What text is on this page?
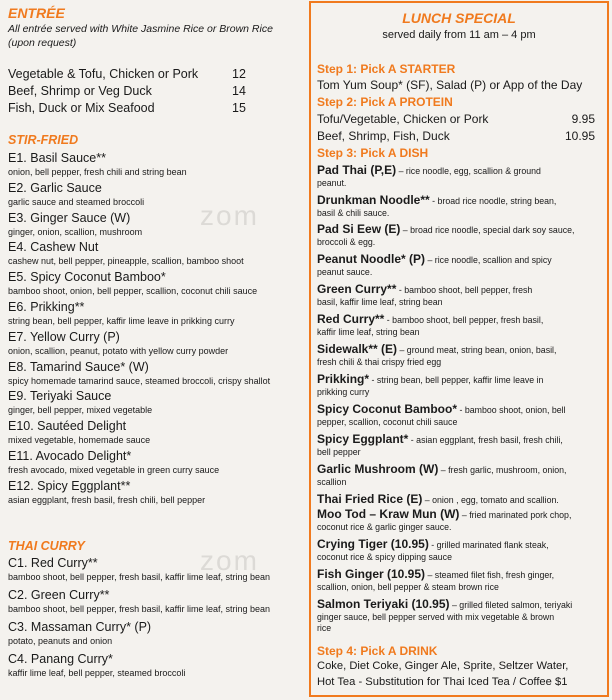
zom
zom
ENTRÉE
All entrée served with White Jasmine Rice or Brown Rice
(upon request)
Vegetable & Tofu, Chicken or Pork	12
Beef, Shrimp or Veg Duck	14
Fish, Duck or Mix Seafood	15
STIR-FRIED
E1. Basil Sauce**
onion, bell pepper, fresh chili and string bean
E2. Garlic Sauce
garlic sauce and steamed broccoli
E3. Ginger Sauce (W)
ginger, onion, scallion, mushroom
E4. Cashew Nut
cashew nut, bell pepper, pineapple, scallion, bamboo shoot
E5. Spicy Coconut Bamboo*
bamboo shoot, onion, bell pepper, scallion, coconut chili sauce
E6. Prikking**
string bean, bell pepper, kaffir lime leave in prikking curry
E7. Yellow Curry (P)
onion, scallion, peanut, potato with yellow curry powder
E8. Tamarind Sauce* (W)
spicy homemade tamarind sauce, steamed broccoli, crispy shallot
E9. Teriyaki Sauce
ginger, bell pepper, mixed vegetable
E10. Sautéed Delight
mixed vegetable, homemade sauce
E11. Avocado Delight*
fresh avocado, mixed vegetable in green curry sauce
E12. Spicy Eggplant**
asian eggplant, fresh basil, fresh chili, bell pepper
THAI CURRY
C1. Red Curry**
bamboo shoot, bell pepper, fresh basil, kaffir lime leaf, string bean
C2. Green Curry**
bamboo shoot, bell pepper, fresh basil, kaffir lime leaf, string bean
C3. Massaman Curry* (P)
potato, peanuts and onion
C4. Panang Curry*
kaffir lime leaf, bell pepper, steamed broccoli
LUNCH SPECIAL
served daily from 11 am – 4 pm
Step 1: Pick A STARTER
Tom Yum Soup* (SF), Salad (P) or App of the Day
Step 2: Pick A PROTEIN
Tofu/Vegetable, Chicken or Pork	9.95
Beef, Shrimp, Fish, Duck	10.95
Step 3: Pick A DISH
Pad Thai (P,E) – rice noodle, egg, scallion & ground
peanut.
Drunkman Noodle** - broad rice noodle, string bean,
basil & chili sauce.
Pad Si Eew (E) – broad rice noodle, special dark soy sauce,
broccoli & egg.
Peanut Noodle* (P) – rice noodle, scallion and spicy
peanut sauce.
Green Curry** - bamboo shoot, bell pepper, fresh
basil, kaffir lime leaf, string bean
Red Curry** - bamboo shoot, bell pepper, fresh basil,
kaffir lime leaf, string bean
Sidewalk** (E) – ground meat, string bean, onion, basil,
fresh chili & thai crispy fried egg
Prikking* - string bean, bell pepper, kaffir lime leave in
prikking curry
Spicy Coconut Bamboo* - bamboo shoot, onion, bell
pepper, scallion, coconut chili sauce
Spicy Eggplant* - asian eggplant, fresh basil, fresh chili,
bell pepper
Garlic Mushroom (W) – fresh garlic, mushroom, onion,
scallion
Thai Fried Rice (E) – onion , egg, tomato and scallion.
Moo Tod – Kraw Mun (W) – fried marinated pork chop,
coconut rice & garlic ginger sauce.
Crying Tiger (10.95) - grilled marinated flank steak,
coconut rice & spicy dipping sauce
Fish Ginger (10.95) – steamed filet fish, fresh ginger,
scallion, onion, bell pepper & steam brown rice
Salmon Teriyaki (10.95) – grilled fileted salmon, teriyaki
ginger sauce, bell pepper served with mix vegetable & brown
rice
Step 4: Pick A DRINK
Coke, Diet Coke, Ginger Ale, Sprite, Seltzer Water,
Hot Tea - Substitution for Thai Iced Tea / Coffee $1
